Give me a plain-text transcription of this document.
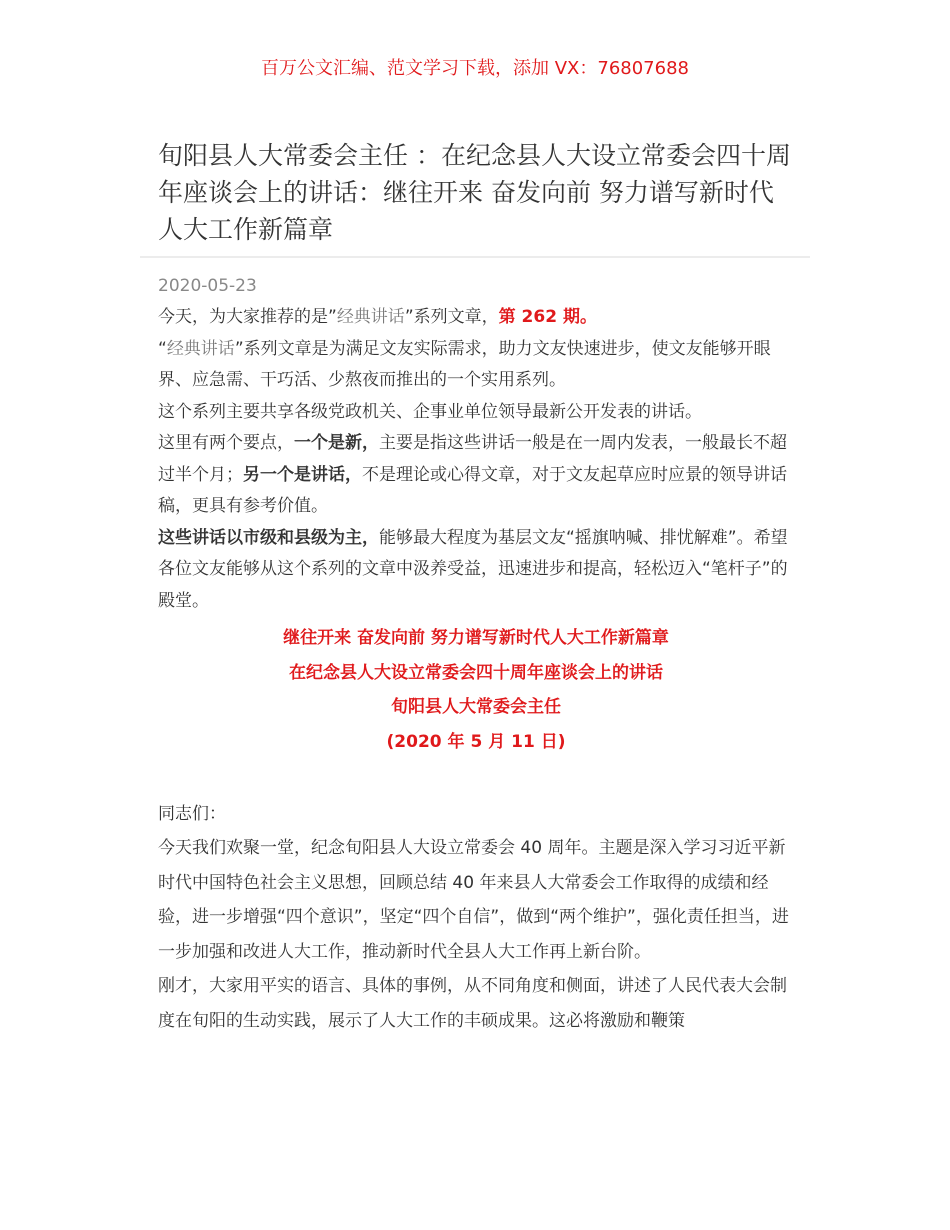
百万公文汇编、范文学习下载，添加 VX：76807688
旬阳县人大常委会主任 ：在纪念县人大设立常委会四十周年座谈会上的讲话：继往开来 奋发向前 努力谱写新时代人大工作新篇章
2020-05-23

今天，为大家推荐的是”经典讲话”系列文章，第 262 期。

“经典讲话”系列文章是为满足文友实际需求，助力文友快速进步，使文友能够开眼界、应急需、干巧活、少熬夜而推出的一个实用系列。

这个系列主要共享各级党政机关、企事业单位领导最新公开发表的讲话。

这里有两个要点，一个是新，主要是指这些讲话一般是在一周内发表，一般最长不超过半个月；另一个是讲话，不是理论或心得文章，对于文友起草应时应景的领导讲话稿，更具有参考价值。

这些讲话以市级和县级为主，能够最大程度为基层文友“摇旗呐喊、排忧解难”。希望各位文友能够从这个系列的文章中汲养受益，迅速进步和提高，轻松迈入“笔杆子”的殿堂。

继往开来 奋发向前 努力谱写新时代人大工作新篇章
在纪念县人大设立常委会四十周年座谈会上的讲话
旬阳县人大常委会主任
(2020 年 5 月 11 日)

同志们：

今天我们欢聚一堂，纪念旬阳县人大设立常委会 40 周年。主题是深入学习习近平新时代中国特色社会主义思想，回顾总结 40 年来县人大常委会工作取得的成绩和经验，进一步增强“四个意识”，坚定“四个自信”，做到“两个维护”，强化责任担当，进一步加强和改进人大工作，推动新时代全县人大工作再上新台阶。

刚才，大家用平实的语言、具体的事例，从不同角度和侧面，讲述了人民代表大会制度在旬阳的生动实践，展示了人大工作的丰硕成果。这必将激励和鞭策
